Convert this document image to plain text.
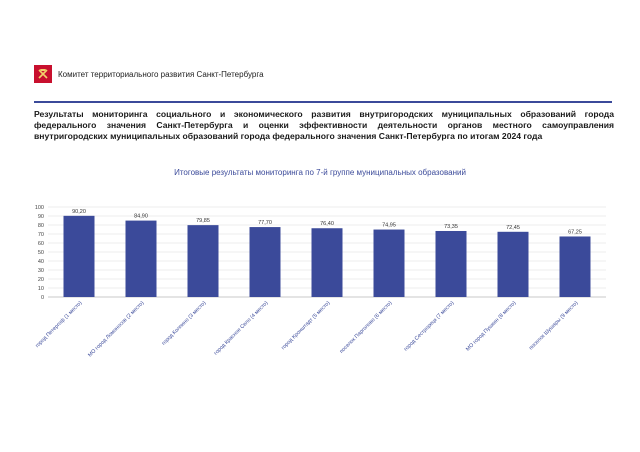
Комитет территориального развития Санкт-Петербурга
Результаты мониторинга социального и экономического развития внутригородских муниципальных образований города федерального значения Санкт-Петербурга и оценки эффективности деятельности органов местного самоуправления внутригородских муниципальных образований города федерального значения Санкт-Петербурга по итогам 2024 года
Итоговые результаты мониторинга по 7-й группе муниципальных образований
0
10
20
30
40
50
60
70
80
90
100
90,20
город Петергоф (1 место)
84,90
МО город Ломоносов (2 место)
79,85
город Колпино (3 место)
77,70
город Красное Село (4 место)
76,40
город Кронштадт (5 место)
74,95
поселок Парголово (6 место)
73,35
город Сестрорецк (7 место)
72,45
МО город Пушкин (8 место)
67,25
поселок Шушары (9 место)
